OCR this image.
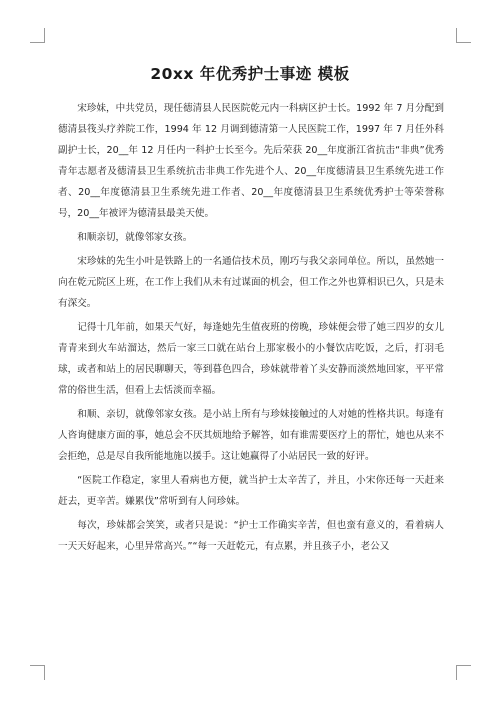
20xx 年优秀护士事迹 模板

宋珍妹，中共党员，现任德清县人民医院乾元内一科病区护士长。1992 年 7 月分配到德清县筏头疗养院工作，1994 年 12 月调到德清第一人民医院工作，1997 年 7 月任外科副护士长，20__年 12 月任内一科护士长至今。先后荣获 20__年度浙江省抗击“非典”优秀青年志愿者及德清县卫生系统抗击非典工作先进个人、20__年度德清县卫生系统先进工作者、20__年度德清县卫生系统先进工作者、20__年度德清县卫生系统优秀护士等荣誉称号，20__年被评为德清县最美天使。

和顺亲切，就像邻家女孩。

宋珍妹的先生小叶是铁路上的一名通信技术员，刚巧与我父亲同单位。所以，虽然她一向在乾元院区上班，在工作上我们从未有过谋面的机会，但工作之外也算相识已久，只是未有深交。

记得十几年前，如果天气好，每逢她先生值夜班的傍晚，珍妹便会带了她三四岁的女儿青青来到火车站溜达，然后一家三口就在站台上那家极小的小餐饮店吃饭，之后，打羽毛球，或者和站上的居民聊聊天，等到暮色四合，珍妹就带着丫头安静而淡然地回家，平平常常的俗世生活，但看上去恬淡而幸福。

和顺、亲切，就像邻家女孩。是小站上所有与珍妹接触过的人对她的性格共识。每逢有人咨询健康方面的事，她总会不厌其烦地给予解答，如有谁需要医疗上的帮忙，她也从来不会拒绝，总是尽自我所能地施以援手。这让她赢得了小站居民一致的好评。

“医院工作稳定，家里人看病也方便，就当护士太辛苦了，并且，小宋你还每一天赶来赶去，更辛苦。嫌累伐”常听到有人问珍妹。

每次，珍妹都会笑笑，或者只是说：“护士工作确实辛苦，但也蛮有意义的，看着病人一天天好起来，心里异常高兴。”“每一天赶乾元，有点累，并且孩子小，老公又
